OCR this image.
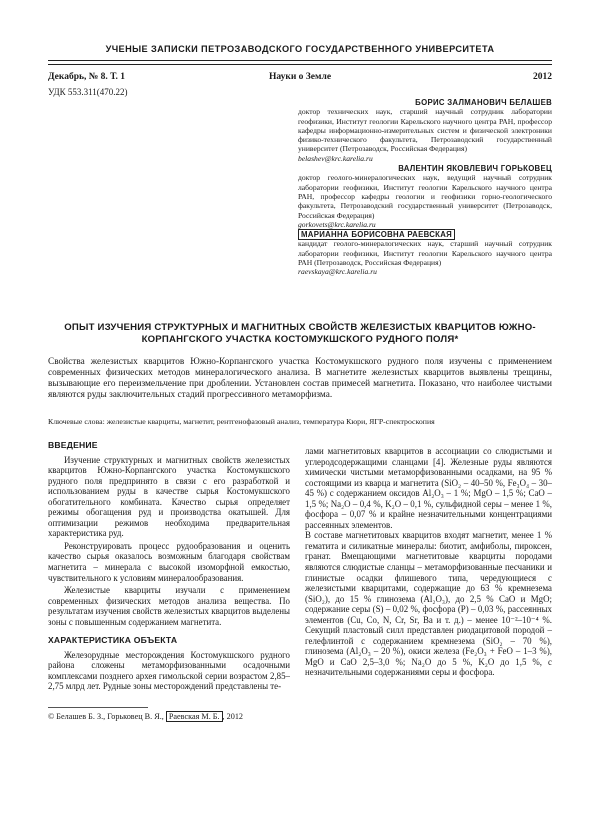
УЧЕНЫЕ ЗАПИСКИ ПЕТРОЗАВОДСКОГО ГОСУДАРСТВЕННОГО УНИВЕРСИТЕТА
Декабрь, № 8. Т. 1	Науки о Земле	2012
УДК 553.311(470.22)
БОРИС ЗАЛМАНОВИЧ БЕЛАШЕВ
доктор технических наук, старший научный сотрудник лаборатории геофизики, Институт геологии Карельского научного центра РАН, профессор кафедры информационно-измерительных систем и физической электроники физико-технического факультета, Петрозаводский государственный университет (Петрозаводск, Российская Федерация)
belashev@krc.karelia.ru
ВАЛЕНТИН ЯКОВЛЕВИЧ ГОРЬКОВЕЦ
доктор геолого-минералогических наук, ведущий научный сотрудник лаборатории геофизики, Институт геологии Карельского научного центра РАН, профессор кафедры геологии и геофизики горно-геологического факультета, Петрозаводский государственный университет (Петрозаводск, Российская Федерация)
gorkovets@krc.karelia.ru
МАРИАННА БОРИСОВНА РАЕВСКАЯ
кандидат геолого-минералогических наук, старший научный сотрудник лаборатории геофизики, Институт геологии Карельского научного центра РАН (Петрозаводск, Российская Федерация)
raevskaya@krc.karelia.ru
ОПЫТ ИЗУЧЕНИЯ СТРУКТУРНЫХ И МАГНИТНЫХ СВОЙСТВ ЖЕЛЕЗИСТЫХ КВАРЦИТОВ ЮЖНО-КОРПАНГСКОГО УЧАСТКА КОСТОМУКШСКОГО РУДНОГО ПОЛЯ*
Свойства железистых кварцитов Южно-Корпангского участка Костомукшского рудного поля изучены с применением современных физических методов минералогического анализа. В магнетите железистых кварцитов выявлены трещины, вызывающие его переизмельчение при дроблении. Установлен состав примесей магнетита. Показано, что наиболее чистыми являются руды заключительных стадий прогрессивного метаморфизма.
Ключевые слова: железистые кварциты, магнетит, рентгенофазовый анализ, температура Кюри, ЯГР-спектроскопия
ВВЕДЕНИЕ

Изучение структурных и магнитных свойств железистых кварцитов Южно-Корпангского участка Костомукшского рудного поля предпринято в связи с его разработкой и использованием руды в качестве сырья Костомукшского обогатительного комбината. Качество сырья определяет режимы обогащения руд и производства окатышей. Для оптимизации режимов необходима предварительная характеристика руд.

Реконструировать процесс рудообразования и оценить качество сырья оказалось возможным благодаря свойствам магнетита – минерала с высокой изоморфной емкостью, чувствительного к условиям минералообразования.

Железистые кварциты изучали с применением современных физических методов анализа вещества. По результатам изучения свойств железистых кварцитов выделены зоны с повышенным содержанием магнетита.

ХАРАКТЕРИСТИКА ОБЪЕКТА

Железорудные месторождения Костомукшского рудного района сложены метаморфизованными осадочными комплексами позднего архея гимольской серии возрастом 2,85–2,75 млрд лет. Рудные зоны месторождений представлены те-

лами магнетитовых кварцитов в ассоциации со слюдистыми и углеродсодержащими сланцами [4]. Железные руды являются химически чистыми метаморфизованными осадками, на 95 % состоящими из кварца и магнетита (SiO₂ – 40–50 %, Fe₃O₄ – 30–45 %) с содержанием оксидов Al₂O₃ – 1 %; MgO – 1,5 %; CaO – 1,5 %; Na₂O – 0,4 %, K₂O – 0,1 %, сульфидной серы – менее 1 %, фосфора – 0,07 % и крайне незначительными концентрациями рассеянных элементов.

В составе магнетитовых кварцитов входят магнетит, менее 1 % гематита и силикатные минералы: биотит, амфиболы, пироксен, гранат. Вмещающими магнетитовые кварциты породами являются слюдистые сланцы – метаморфизованные песчаники и глинистые осадки флишевого типа, чередующиеся с железистыми кварцитами, содержащие до 63 % кремнезема (SiO₂), до 15 % глинозема (Al₂O₃), до 2,5 % CaO и MgO; содержание серы (S) – 0,02 %, фосфора (P) – 0,03 %, рассеянных элементов (Cu, Co, N, Cr, Sr, Ba и т. д.) – менее 10⁻²–10⁻⁴ %. Секущий пластовый силл представлен риодацитовой породой – гелефлинтой с содержанием кремнезема (SiO₂ – 70 %), глинозема (Al₂O₃ – 20 %), окиси железа (Fe₂O₃ + FeO – 1–3 %), MgO и CaO 2,5–3,0 %; Na₂O до 5 %, K₂O до 1,5 %, с незначительными содержаниями серы и фосфора.

© Белашев Б. З., Горьковец В. Я., Раевская М. Б. , 2012
